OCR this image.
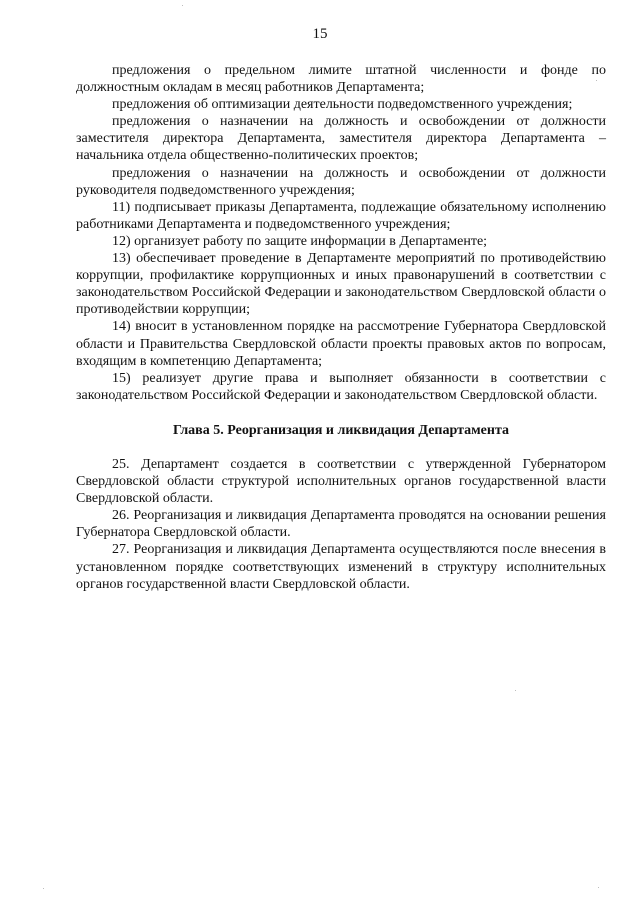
15

предложения о предельном лимите штатной численности и фонде по должностным окладам в месяц работников Департамента;

предложения об оптимизации деятельности подведомственного учреждения;

предложения о назначении на должность и освобождении от должности заместителя директора Департамента, заместителя директора Департамента – начальника отдела общественно-политических проектов;

предложения о назначении на должность и освобождении от должности руководителя подведомственного учреждения;

11) подписывает приказы Департамента, подлежащие обязательному исполнению работниками Департамента и подведомственного учреждения;

12) организует работу по защите информации в Департаменте;

13) обеспечивает проведение в Департаменте мероприятий по противодействию коррупции, профилактике коррупционных и иных правонарушений в соответствии с законодательством Российской Федерации и законодательством Свердловской области о противодействии коррупции;

14) вносит в установленном порядке на рассмотрение Губернатора Свердловской области и Правительства Свердловской области проекты правовых актов по вопросам, входящим в компетенцию Департамента;

15) реализует другие права и выполняет обязанности в соответствии с законодательством Российской Федерации и законодательством Свердловской области.

Глава 5. Реорганизация и ликвидация Департамента

25. Департамент создается в соответствии с утвержденной Губернатором Свердловской области структурой исполнительных органов государственной власти Свердловской области.

26. Реорганизация и ликвидация Департамента проводятся на основании решения Губернатора Свердловской области.

27. Реорганизация и ликвидация Департамента осуществляются после внесения в установленном порядке соответствующих изменений в структуру исполнительных органов государственной власти Свердловской области.
